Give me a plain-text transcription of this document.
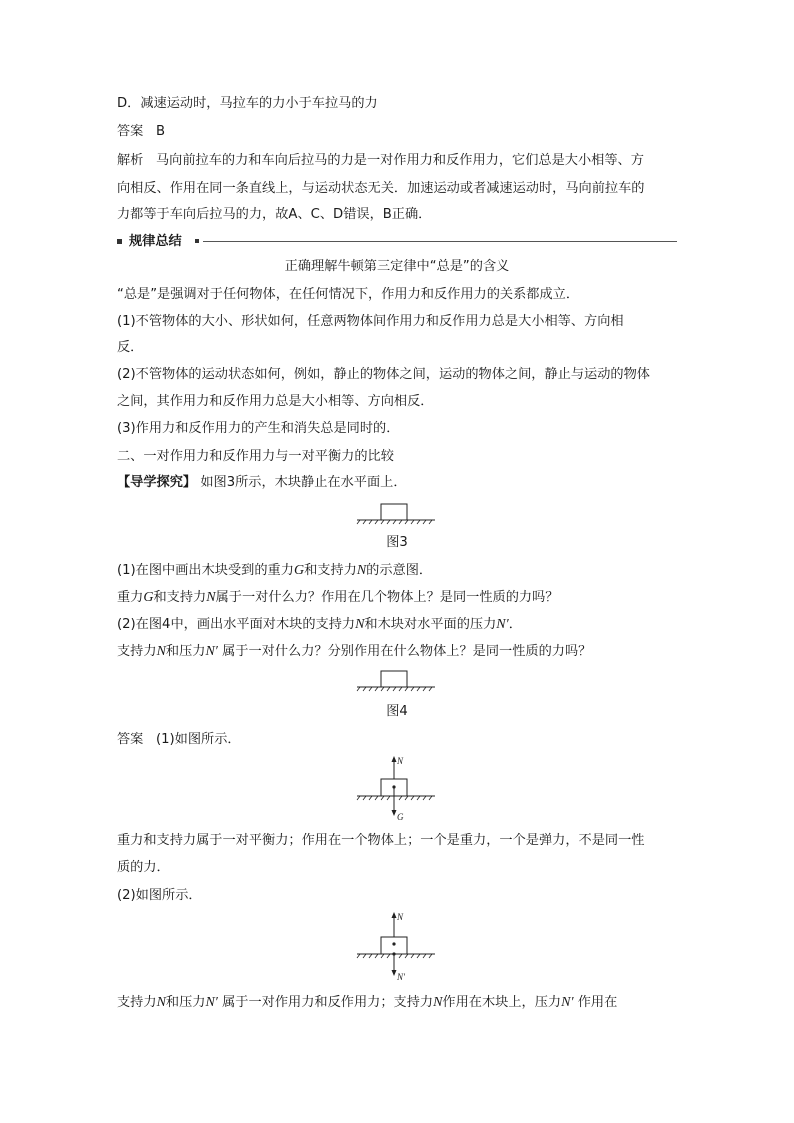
D．减速运动时，马拉车的力小于车拉马的力
答案 B
解析 马向前拉车的力和车向后拉马的力是一对作用力和反作用力，它们总是大小相等、方
向相反、作用在同一条直线上，与运动状态无关．加速运动或者减速运动时，马向前拉车的
力都等于车向后拉马的力，故A、C、D错误，B正确．
规律总结
正确理解牛顿第三定律中“总是”的含义
“总是”是强调对于任何物体，在任何情况下，作用力和反作用力的关系都成立．
(1)不管物体的大小、形状如何，任意两物体间作用力和反作用力总是大小相等、方向相
反．
(2)不管物体的运动状态如何，例如，静止的物体之间，运动的物体之间，静止与运动的物体
之间，其作用力和反作用力总是大小相等、方向相反．
(3)作用力和反作用力的产生和消失总是同时的．
二、一对作用力和反作用力与一对平衡力的比较
【导学探究】 如图3所示，木块静止在水平面上．
图3
(1)在图中画出木块受到的重力G和支持力N的示意图．
重力G和支持力N属于一对什么力？作用在几个物体上？是同一性质的力吗？
(2)在图4中，画出水平面对木块的支持力N和木块对水平面的压力N′．
支持力N和压力N′ 属于一对什么力？分别作用在什么物体上？是同一性质的力吗？
图4
答案 (1)如图所示．
N
G
重力和支持力属于一对平衡力；作用在一个物体上；一个是重力，一个是弹力，不是同一性
质的力．
(2)如图所示．
N
N′
支持力N和压力N′ 属于一对作用力和反作用力；支持力N作用在木块上，压力N′ 作用在
